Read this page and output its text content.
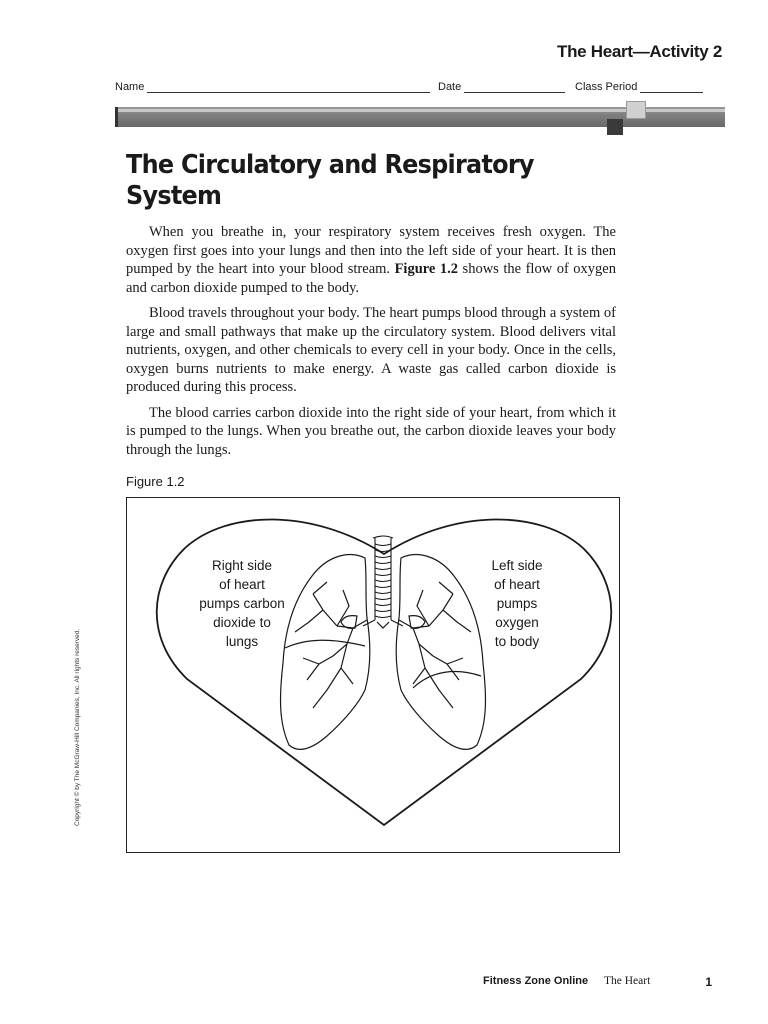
The Heart—Activity 2
Name	Date	Class Period
The Circulatory and Respiratory System

When you breathe in, your respiratory system receives fresh oxygen. The oxygen first goes into your lungs and then into the left side of your heart. It is then pumped by the heart into your blood stream. Figure 1.2 shows the flow of oxygen and carbon dioxide pumped to the body.

Blood travels throughout your body. The heart pumps blood through a system of large and small pathways that make up the circulatory system. Blood delivers vital nutrients, oxygen, and other chemicals to every cell in your body. Once in the cells, oxygen burns nutrients to make energy. A waste gas called carbon dioxide is produced during this process.

The blood carries carbon dioxide into the right side of your heart, from which it is pumped to the lungs. When you breathe out, the carbon dioxide leaves your body through the lungs.

Figure 1.2
Right side
of heart
pumps carbon
dioxide to
lungs
Left side
of heart
pumps
oxygen
to body
Copyright © by The McGraw-Hill Companies, Inc. All rights reserved.
Fitness Zone Online The Heart	1
